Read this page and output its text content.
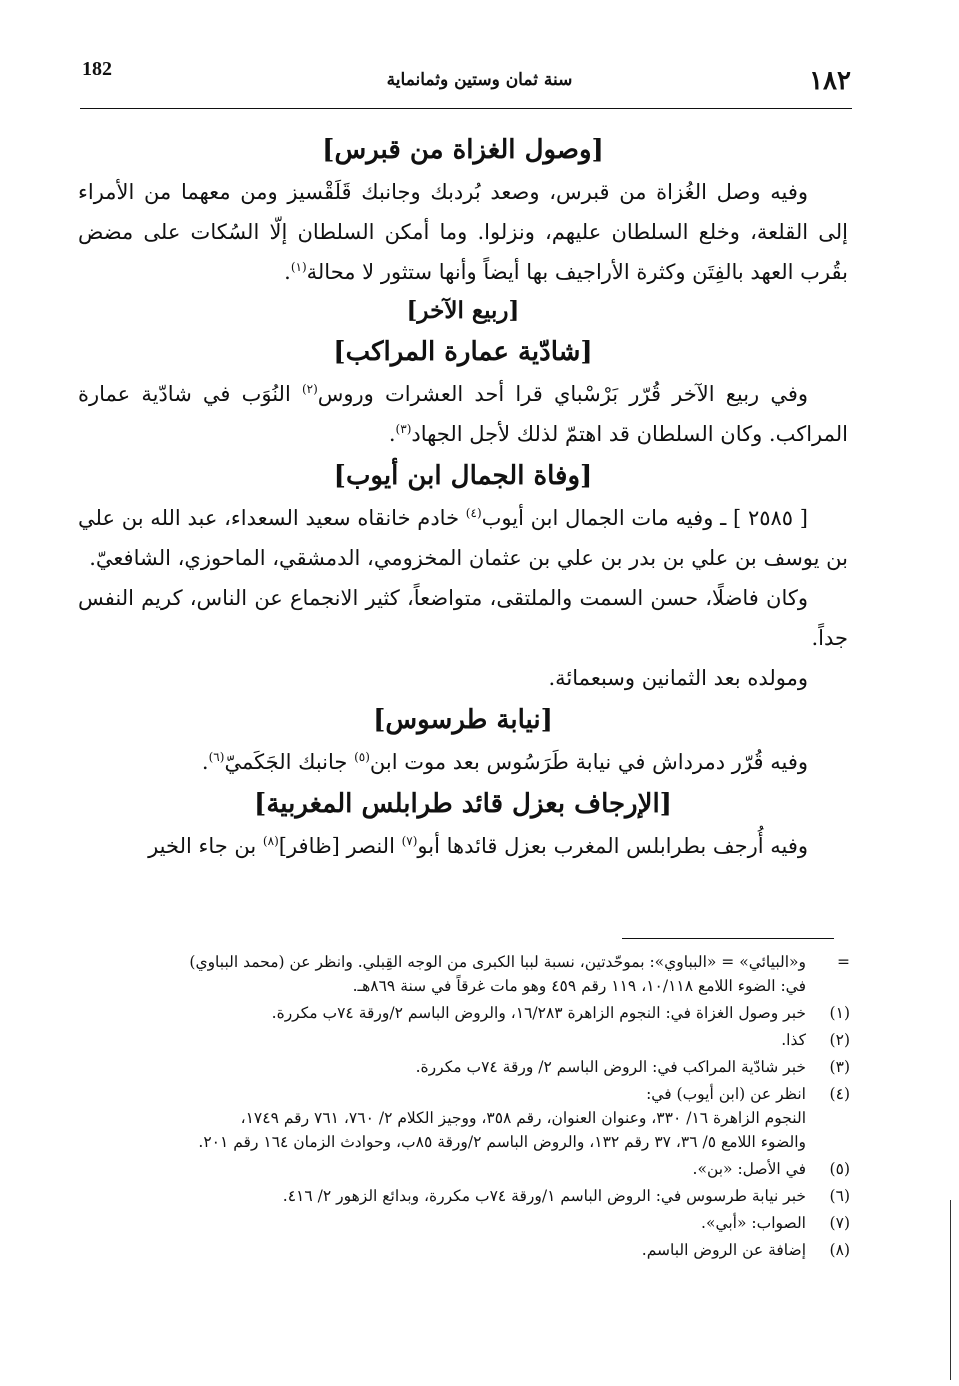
182	سنة ثمان وستين وثمانماية	١٨٢

[وصول الغزاة من قبرس]

وفيه وصل الغُزاة من قبرس، وصعد بُردبك وجانبك قَلَقْسيز ومن معهما من الأمراء إلى القلعة، وخلع السلطان عليهم، ونزلوا. وما أمكن السلطان إلّا السُكات على مضض بقُرب العهد بالفِتَن وكثرة الأراجيف بها أيضاً وأنها ستثور لا محالة$^{(١)}$.

[ربيع الآخر]

[شادّية عمارة المراكب]

وفي ربيع الآخر قُرّر بَرْسْباي قرا أحد العشرات وروس$^{(٢)}$ النُوَب في شادّية عمارة المراكب. وكان السلطان قد اهتمّ لذلك لأجل الجهاد$^{(٣)}$.

[وفاة الجمال ابن أيوب]

[ ٢٥٨٥ ] ـ وفيه مات الجمال ابن أيوب$^{(٤)}$ خادم خانقاه سعيد السعداء، عبد الله بن علي بن يوسف بن علي بن بدر بن علي بن عثمان المخزومي، الدمشقي، الماحوزي، الشافعيّ.

وكان فاضلًا، حسن السمت والملتقى، متواضعاً، كثير الانجماع عن الناس، كريم النفس جداً.

ومولده بعد الثمانين وسبعمائة.

[نيابة طرسوس]

وفيه قُرّر دمرداش في نيابة طَرَسُوس بعد موت ابن$^{(٥)}$ جانبك الجَكَميّ$^{(٦)}$.

[الإرجاف بعزل قائد طرابلس المغربية]

وفيه أُرجف بطرابلس المغرب بعزل قائدها أبو$^{(٧)}$ النصر [ظافر]$^{(٨)}$ بن جاء الخير

=
و«البيائي» = «البباوي»: بموحّدتين، نسبة لببا الكبرى من الوجه القِبلي. وانظر عن (محمد البباوي)
في: الضوء اللامع ١٠/١١٨، ١١٩ رقم ٤٥٩ وهو مات غرقاً في سنة ٨٦٩هـ.
(١)
خبر وصول الغزاة في: النجوم الزاهرة ١٦/٢٨٣، والروض الباسم ٢/ورقة ٧٤ب مكررة.
(٢)
كذا.
(٣)
خبر شادّية المراكب في: الروض الباسم ٢/ ورقة ٧٤ب مكررة.
(٤)
انظر عن (ابن أيوب) في:
النجوم الزاهرة ١٦/ ٣٣٠، وعنوان العنوان، رقم ٣٥٨، ووجيز الكلام ٢/ ٧٦٠، ٧٦١ رقم ١٧٤٩،
والضوء اللامع ٥/ ٣٦، ٣٧ رقم ١٣٢، والروض الباسم ٢/ورقة ٨٥ب، وحوادث الزمان ١٦٤ رقم ٢٠١.
(٥)
في الأصل: «بن».
(٦)
خبر نيابة طرسوس في: الروض الباسم ١/ورقة ٧٤ب مكررة، وبدائع الزهور ٢/ ٤١٦.
(٧)
الصواب: «أبي».
(٨)
إضافة عن الروض الباسم.
